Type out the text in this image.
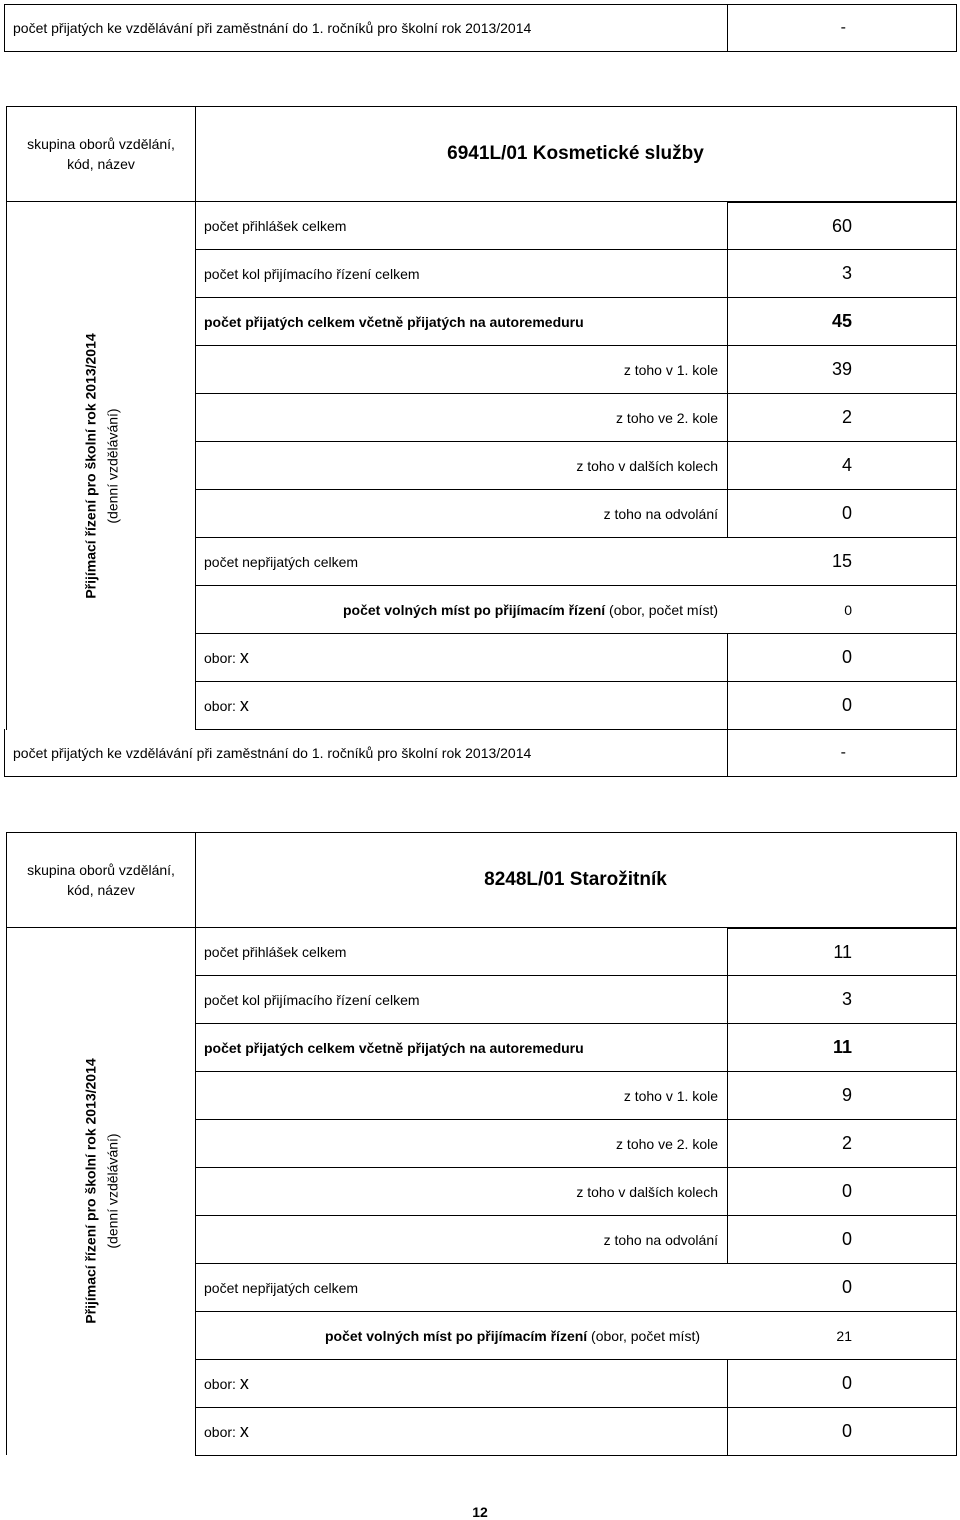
počet přijatých ke vzdělávání při zaměstnání do 1. ročníků pro školní rok 2013/2014	-
skupina oborů vzdělání,
kód, název	6941L/01 Kosmetické služby
Přijímací řízení pro školní rok 2013/2014 (denní vzdělávání)
počet přihlášek celkem	60
počet kol přijímacího řízení celkem	3
počet přijatých celkem včetně přijatých na autoremeduru	45
z toho v 1. kole	39
z toho ve 2. kole	2
z toho v dalších kolech	4
z toho na odvolání	0
počet nepřijatých celkem	15
počet volných míst po přijímacím řízení (obor, počet míst)	0
obor: x	0
obor: x	0
počet přijatých ke vzdělávání při zaměstnání do 1. ročníků pro školní rok 2013/2014	-
skupina oborů vzdělání,
kód, název	8248L/01 Starožitník
Přijímací řízení pro školní rok 2013/2014 (denní vzdělávání)
počet přihlášek celkem	11
počet kol přijímacího řízení celkem	3
počet přijatých celkem včetně přijatých na autoremeduru	11
z toho v 1. kole	9
z toho ve 2. kole	2
z toho v dalších kolech	0
z toho na odvolání	0
počet nepřijatých celkem	0
počet volných míst po přijímacím řízení (obor, počet míst)	21
obor: x	0
obor: x	0
12
